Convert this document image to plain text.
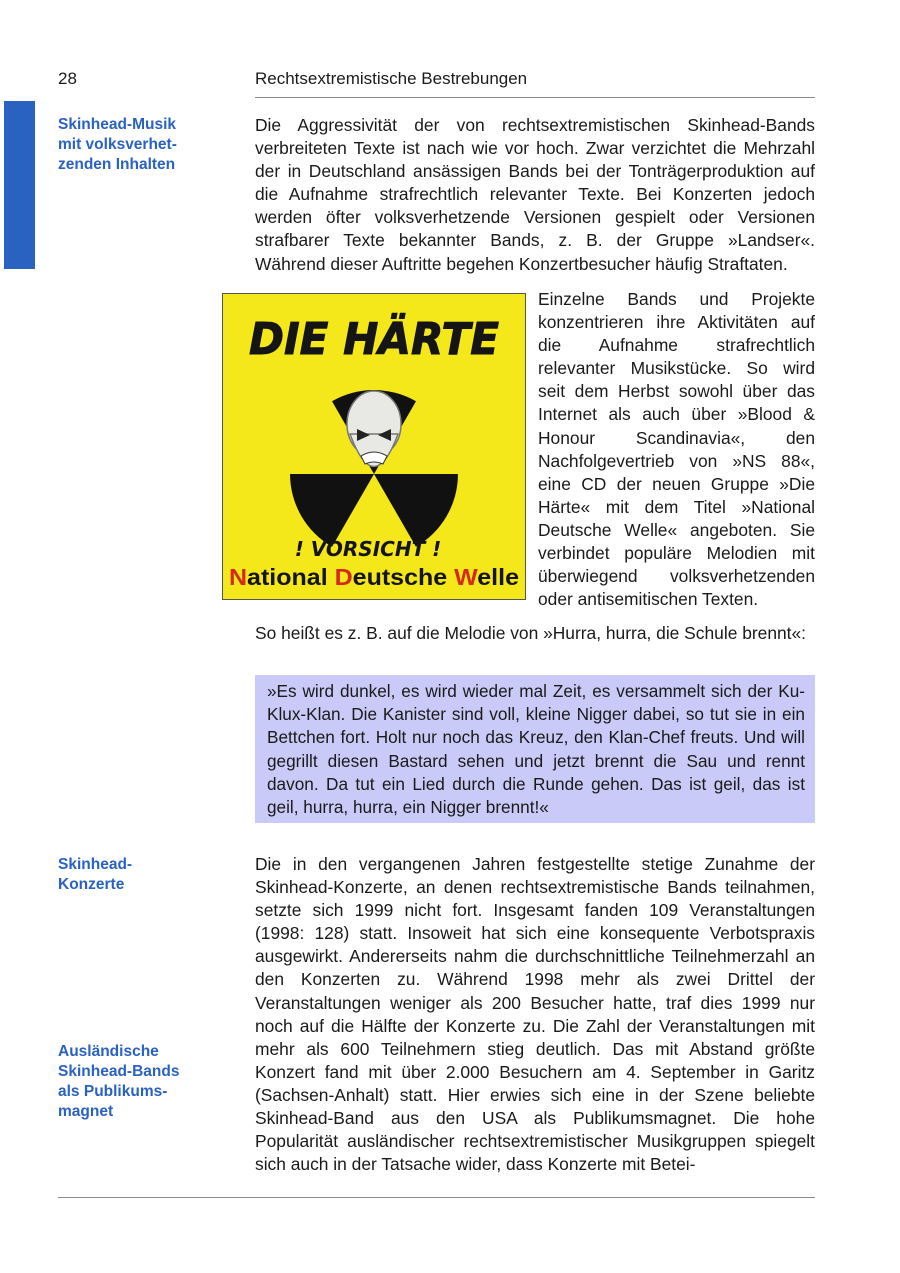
28	Rechtsextremistische Bestrebungen
Skinhead-Musik
mit volksverhet-
zenden Inhalten
Skinhead-
Konzerte
Ausländische
Skinhead-Bands
als Publikums-
magnet
Die Aggressivität der von rechtsextremistischen Skinhead-Bands verbreiteten Texte ist nach wie vor hoch. Zwar verzichtet die Mehrzahl der in Deutschland ansässigen Bands bei der Tonträgerproduktion auf die Aufnahme strafrechtlich relevanter Texte. Bei Konzerten jedoch werden öfter volksverhetzende Versionen gespielt oder Versionen strafbarer Texte bekannter Bands, z. B. der Gruppe »Landser«. Während dieser Auftritte begehen Konzertbesucher häufig Straftaten.
DIE HÄRTE
! VORSICHT !
National Deutsche Welle
Einzelne Bands und Projekte konzentrieren ihre Aktivitäten auf die Aufnahme strafrechtlich relevanter Musikstücke. So wird seit dem Herbst sowohl über das Internet als auch über »Blood & Honour Scandinavia«, den Nachfolgevertrieb von »NS 88«, eine CD der neuen Gruppe »Die Härte« mit dem Titel »National Deutsche Welle« angeboten. Sie verbindet populäre Melodien mit überwiegend volksverhetzenden oder antisemitischen Texten.
So heißt es z. B. auf die Melodie von »Hurra, hurra, die Schule brennt«:
»Es wird dunkel, es wird wieder mal Zeit, es versammelt sich der Ku-Klux-Klan. Die Kanister sind voll, kleine Nigger dabei, so tut sie in ein Bettchen fort. Holt nur noch das Kreuz, den Klan-Chef freuts. Und will gegrillt diesen Bastard sehen und jetzt brennt die Sau und rennt davon. Da tut ein Lied durch die Runde gehen. Das ist geil, das ist geil, hurra, hurra, ein Nigger brennt!«
Die in den vergangenen Jahren festgestellte stetige Zunahme der Skinhead-Konzerte, an denen rechtsextremistische Bands teilnahmen, setzte sich 1999 nicht fort. Insgesamt fanden 109 Veranstaltungen (1998: 128) statt. Insoweit hat sich eine konsequente Verbotspraxis ausgewirkt. Andererseits nahm die durchschnittliche Teilnehmerzahl an den Konzerten zu. Während 1998 mehr als zwei Drittel der Veranstaltungen weniger als 200 Besucher hatte, traf dies 1999 nur noch auf die Hälfte der Konzerte zu. Die Zahl der Veranstaltungen mit mehr als 600 Teilnehmern stieg deutlich. Das mit Abstand größte Konzert fand mit über 2.000 Besuchern am 4. September in Garitz (Sachsen-Anhalt) statt. Hier erwies sich eine in der Szene beliebte Skinhead-Band aus den USA als Publikumsmagnet. Die hohe Popularität ausländischer rechtsextremistischer Musikgruppen spiegelt sich auch in der Tatsache wider, dass Konzerte mit Betei-
